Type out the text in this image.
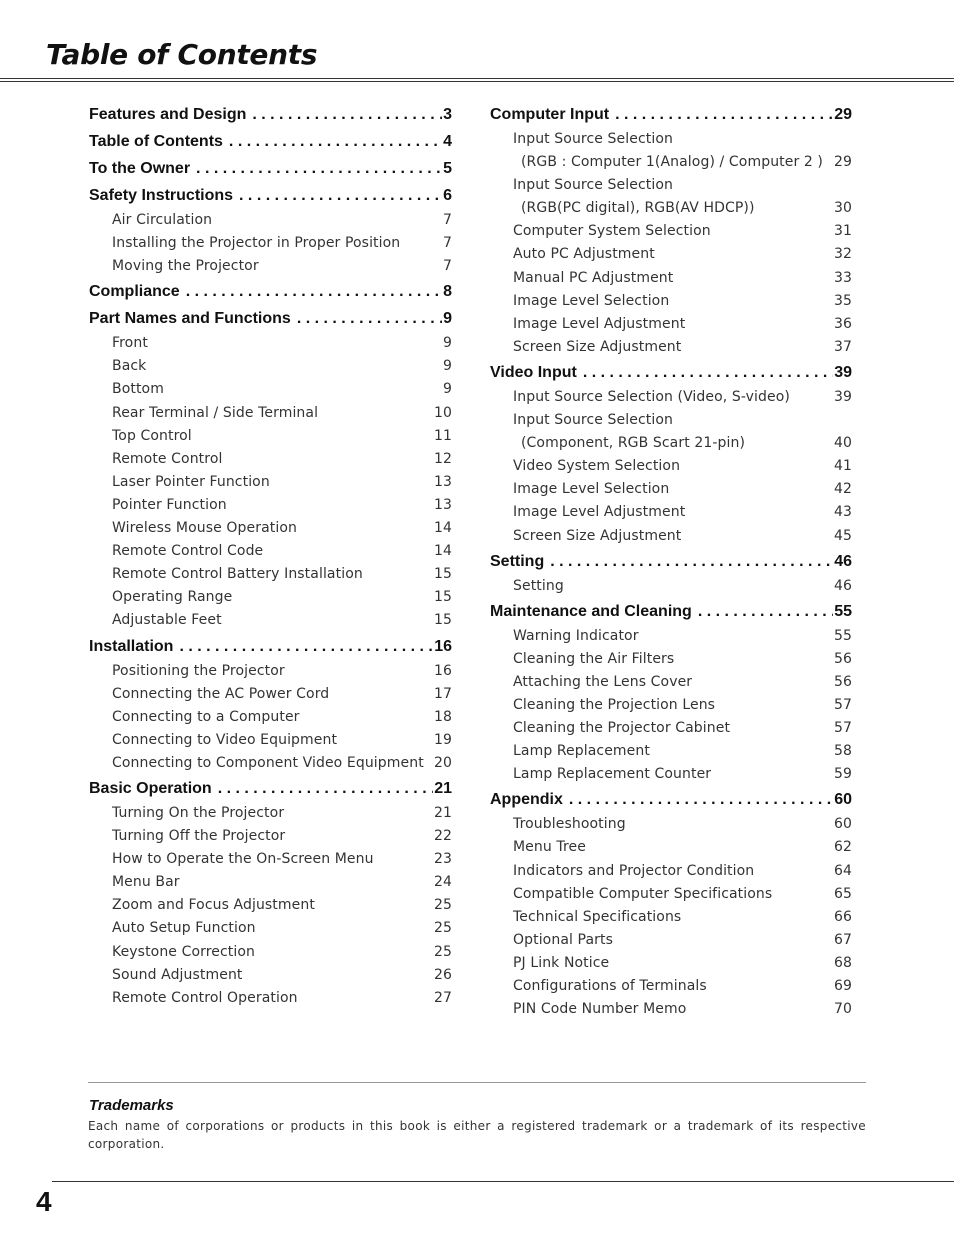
Table of Contents
Features and Design . . .	3
Table of Contents . . .	4
To the Owner . . .	5
Safety Instructions . . .	6
Air Circulation	7
Installing the Projector in Proper Position	7
Moving the Projector	7
Compliance . . .	8
Part Names and Functions . . .	9
Front	9
Back	9
Bottom	9
Rear Terminal / Side Terminal	10
Top Control	11
Remote Control	12
Laser Pointer Function	13
Pointer Function	13
Wireless Mouse Operation	14
Remote Control Code	14
Remote Control Battery Installation	15
Operating Range	15
Adjustable Feet	15
Installation . . .	16
Positioning the Projector	16
Connecting the AC Power Cord	17
Connecting to a Computer	18
Connecting to Video Equipment	19
Connecting to Component Video Equipment 20
Basic Operation . . .	21
Turning On the Projector	21
Turning Off the Projector	22
How to Operate the On-Screen Menu	23
Menu Bar	24
Zoom and Focus Adjustment	25
Auto Setup Function	25
Keystone Correction	25
Sound Adjustment	26
Remote Control Operation	27
Computer Input . . .	29
Input Source Selection
(RGB : Computer 1(Analog) / Computer 2 ) 29
Input Source Selection
(RGB(PC digital), RGB(AV HDCP))	30
Computer System Selection	31
Auto PC Adjustment	32
Manual PC Adjustment	33
Image Level Selection	35
Image Level Adjustment	36
Screen Size Adjustment	37
Video Input . . .	39
Input Source Selection (Video, S-video)	39
Input Source Selection
(Component, RGB Scart 21-pin)	40
Video System Selection	41
Image Level Selection	42
Image Level Adjustment	43
Screen Size Adjustment	45
Setting . . .	46
Setting	46
Maintenance and Cleaning . . .	55
Warning Indicator	55
Cleaning the Air Filters	56
Attaching the Lens Cover	56
Cleaning the Projection Lens	57
Cleaning the Projector Cabinet	57
Lamp Replacement	58
Lamp Replacement Counter	59
Appendix . . .	60
Troubleshooting	60
Menu Tree	62
Indicators and Projector Condition	64
Compatible Computer Specifications	65
Technical Specifications	66
Optional Parts	67
PJ Link Notice	68
Configurations of Terminals	69
PIN Code Number Memo	70
Trademarks
Each name of corporations or products in this book is either a registered trademark or a trademark of its respective corporation.
4
